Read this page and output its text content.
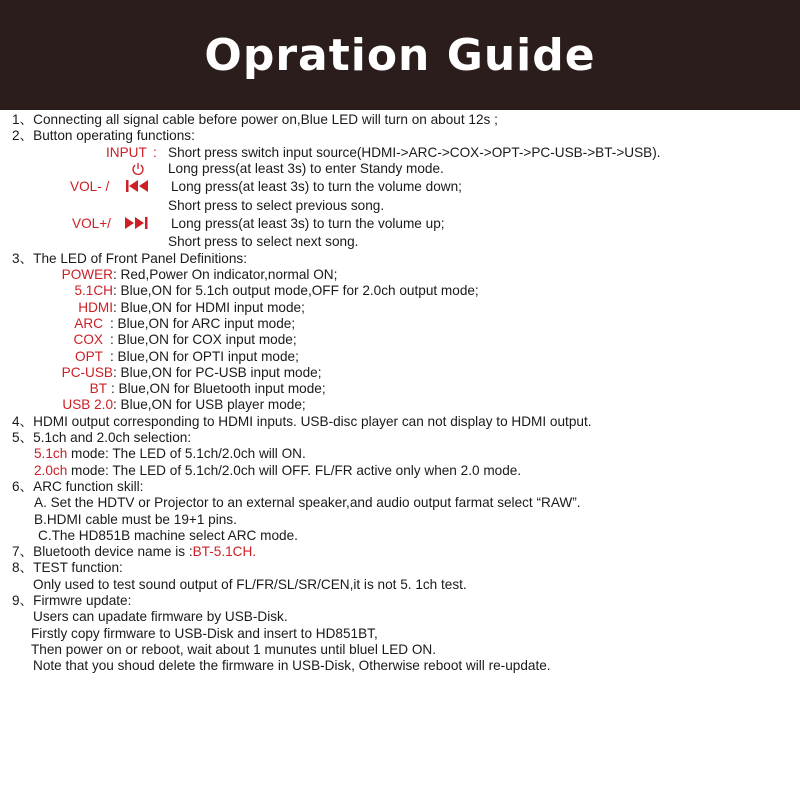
Opration Guide
1、Connecting all signal cable before power on,Blue LED will turn on about 12s ;
2、Button operating functions:
INPUT : Short press switch input source(HDMI->ARC->COX->OPT->PC-USB->BT->USB).
Long press(at least 3s) to enter Standy mode.
VOL- /	Long press(at least 3s) to turn the volume down;
Short press to select previous song.
VOL+/	Long press(at least 3s) to turn the volume up;
Short press to select next song.
3、The LED of Front Panel Definitions:
POWER: Red,Power On indicator,normal ON;
5.1CH: Blue,ON for 5.1ch output mode,OFF for 2.0ch output mode;
HDMI: Blue,ON for HDMI input mode;
ARC : Blue,ON for ARC input mode;
COX : Blue,ON for COX input mode;
OPT : Blue,ON for OPTI input mode;
PC-USB: Blue,ON for PC-USB input mode;
BT : Blue,ON for Bluetooth input mode;
USB 2.0: Blue,ON for USB player mode;
4、HDMI output corresponding to HDMI inputs. USB-disc player can not display to HDMI output.
5、5.1ch and 2.0ch selection:
5.1ch mode: The LED of 5.1ch/2.0ch will ON.
2.0ch mode: The LED of 5.1ch/2.0ch will OFF. FL/FR active only when 2.0 mode.
6、ARC function skill:
A. Set the HDTV or Projector to an external speaker,and audio output farmat select “RAW”.
B.HDMI cable must be 19+1 pins.
C.The HD851B machine select ARC mode.
7、Bluetooth device name is :BT-5.1CH.
8、TEST function:
Only used to test sound output of FL/FR/SL/SR/CEN,it is not 5. 1ch test.
9、Firmwre update:
Users can upadate firmware by USB-Disk.
Firstly copy firmware to USB-Disk and insert to HD851BT,
Then power on or reboot, wait about 1 munutes until bluel LED ON.
Note that you shoud delete the firmware in USB-Disk, Otherwise reboot will re-update.
